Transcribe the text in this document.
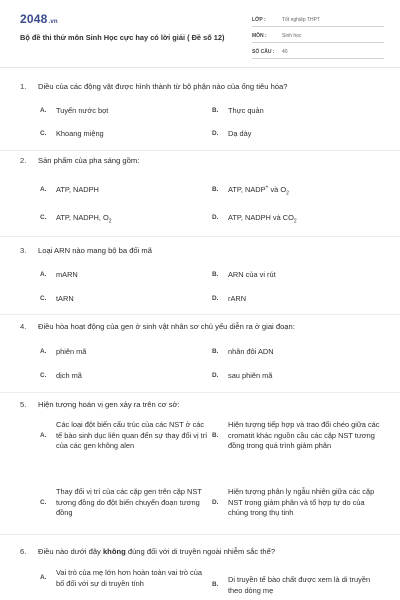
2048.vn
Bộ đề thi thử môn Sinh Học cực hay có lời giải ( Đề số 12)
LỚP :	Tốt nghiệp THPT
MÔN :	Sinh học
SỐ CÂU :	40
1.	Diều của các động vật được hình thành từ bộ phận nào của ống tiêu hóa?
A.	Tuyến nước bọt	B.	Thực quản
C.	Khoang miệng	D.	Dạ dày
2.	Sản phẩm của pha sáng gồm:
A.	ATP, NADPH	B.	ATP, NADP+ và $O_2$
C.	ATP, NADPH, $O_2$
D.	ATP, NADPH và $CO_2$
3.	Loại ARN nào mang bộ ba đối mã
A.	mARN	B.	ARN của vi rút
C.	tARN	D.	rARN
4.	Điều hòa hoạt động của gen ở sinh vật nhân sơ chủ yếu diễn ra ở giai đoạn:
A.	phiên mã	B.	nhân đôi ADN
C.	dịch mã	D.	sau phiên mã
5.	Hiện tượng hoán vị gen xảy ra trên cơ sở:
A.
Các loại đột biến cấu trúc của các NST ở các tế bào sinh dục liên quan đến sự thay đổi vị trí của các gen không alen
B.
Hiện tượng tiếp hợp và trao đổi chéo giữa các cromatit khác nguồn cầu các cặp NST tương đồng trong quá trình giảm phân
C.
Thay đổi vị trí của các cặp gen trên cặp NST tương đồng do đột biến chuyển đoạn tương đồng
D.
Hiện tượng phân ly ngẫu nhiên giữa các cặp NST trong giảm phân và tổ hợp tự do của chúng trong thụ tinh
6.	Điều nào dưới đây không đúng đối với di truyền ngoài nhiễm sắc thể?
A.
Vai trò của mẹ lớn hơn hoàn toàn vai trò của bố đối với sự di truyền tính	B.
Di truyền tế bào chất được xem là di truyền theo dòng mẹ
